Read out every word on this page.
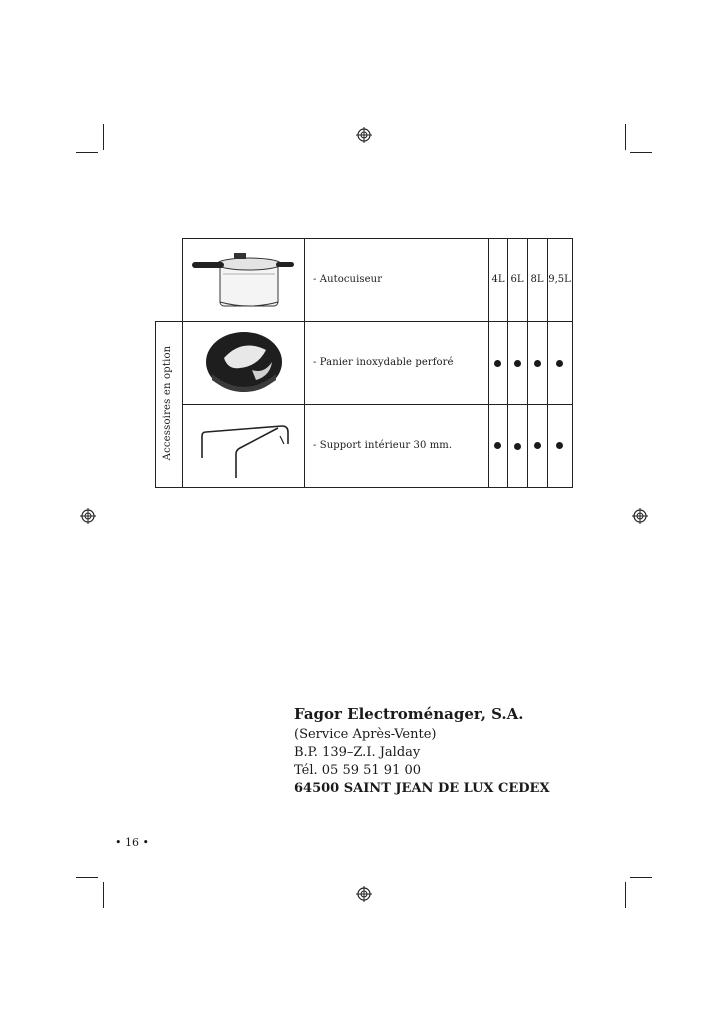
Accessoires en option
- Autocuiseur	4L 6L 8L 9,5L
- Panier inoxydable perforé
- Support intérieur 30 mm.
Fagor Electroménager, S.A.
(Service Après-Vente)
B.P. 139–Z.I. Jalday
Tél. 05 59 51 91 00
64500 SAINT JEAN DE LUX CEDEX
• 16 •
